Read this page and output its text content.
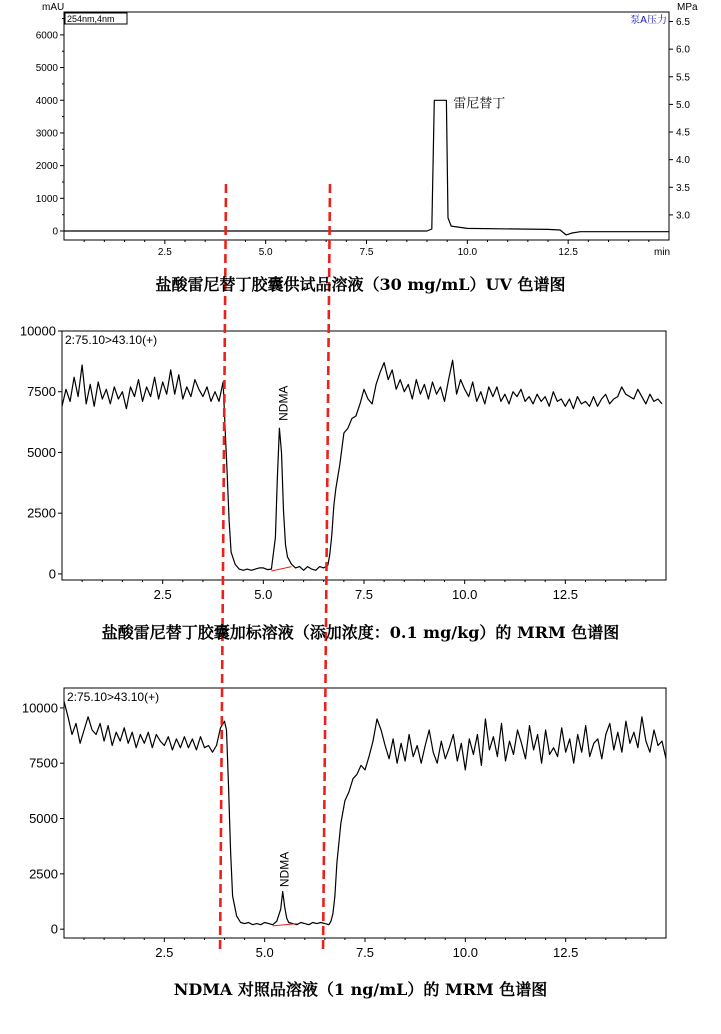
0
1000
2000
3000
4000
5000
6000
2.5	5.0	7.5	10.0	12.5
雷尼替丁
mAU	MPa
min
254nm,4nm	泵A压力
3.0
3.5
4.0
4.5
5.0
5.5
6.0
6.5
0
2500
5000
7500
10000
2.5	5.0	7.5	10.0	12.5
NDMA
2:75.10>43.10(+)
0
2500
5000
7500
10000
2.5	5.0	7.5	10.0	12.5
NDMA
2:75.10>43.10(+)
盐酸雷尼替丁胶囊供试品溶液（30 mg/mL）UV 色谱图
盐酸雷尼替丁胶囊加标溶液（添加浓度：0.1 mg/kg）的 MRM 色谱图
NDMA 对照品溶液（1 ng/mL）的 MRM 色谱图
